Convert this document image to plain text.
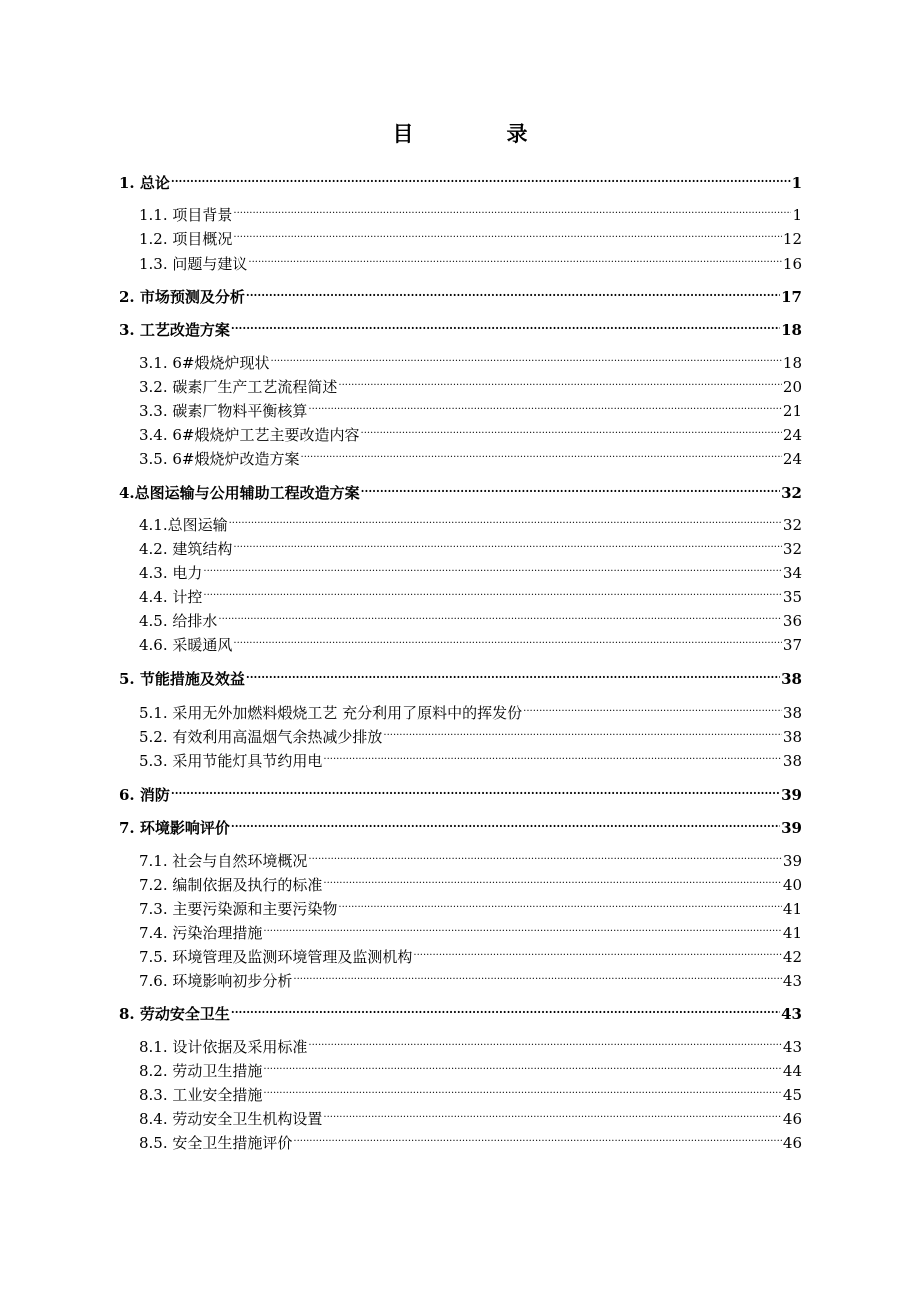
目　录
1. 总论 .....	1
1.1. 项目背景 .....	1
1.2. 项目概况 .....	12
1.3. 问题与建议 .....	16
2. 市场预测及分析 .....	17
3. 工艺改造方案 .....	18
3.1. 6#煅烧炉现状 .....	18
3.2. 碳素厂生产工艺流程简述 .....	20
3.3. 碳素厂物料平衡核算 .....	21
3.4. 6#煅烧炉工艺主要改造内容 .....	24
3.5. 6#煅烧炉改造方案 .....	24
4.总图运输与公用辅助工程改造方案 .....	32
4.1.总图运输 .....	32
4.2. 建筑结构 .....	32
4.3. 电力 .....	34
4.4. 计控 .....	35
4.5. 给排水 .....	36
4.6. 采暖通风 .....	37
5. 节能措施及效益 .....	38
5.1. 采用无外加燃料煅烧工艺 充分利用了原料中的挥发份 .....	38
5.2. 有效利用高温烟气余热减少排放 .....	38
5.3. 采用节能灯具节约用电 .....	38
6. 消防 .....	39
7. 环境影响评价 .....	39
7.1. 社会与自然环境概况 .....	39
7.2. 编制依据及执行的标准 .....	40
7.3. 主要污染源和主要污染物 .....	41
7.4. 污染治理措施 .....	41
7.5. 环境管理及监测环境管理及监测机构 .....	42
7.6. 环境影响初步分析 .....	43
8. 劳动安全卫生 .....	43
8.1. 设计依据及采用标准 .....	43
8.2. 劳动卫生措施 .....	44
8.3. 工业安全措施 .....	45
8.4. 劳动安全卫生机构设置 .....	46
8.5. 安全卫生措施评价 .....	46
